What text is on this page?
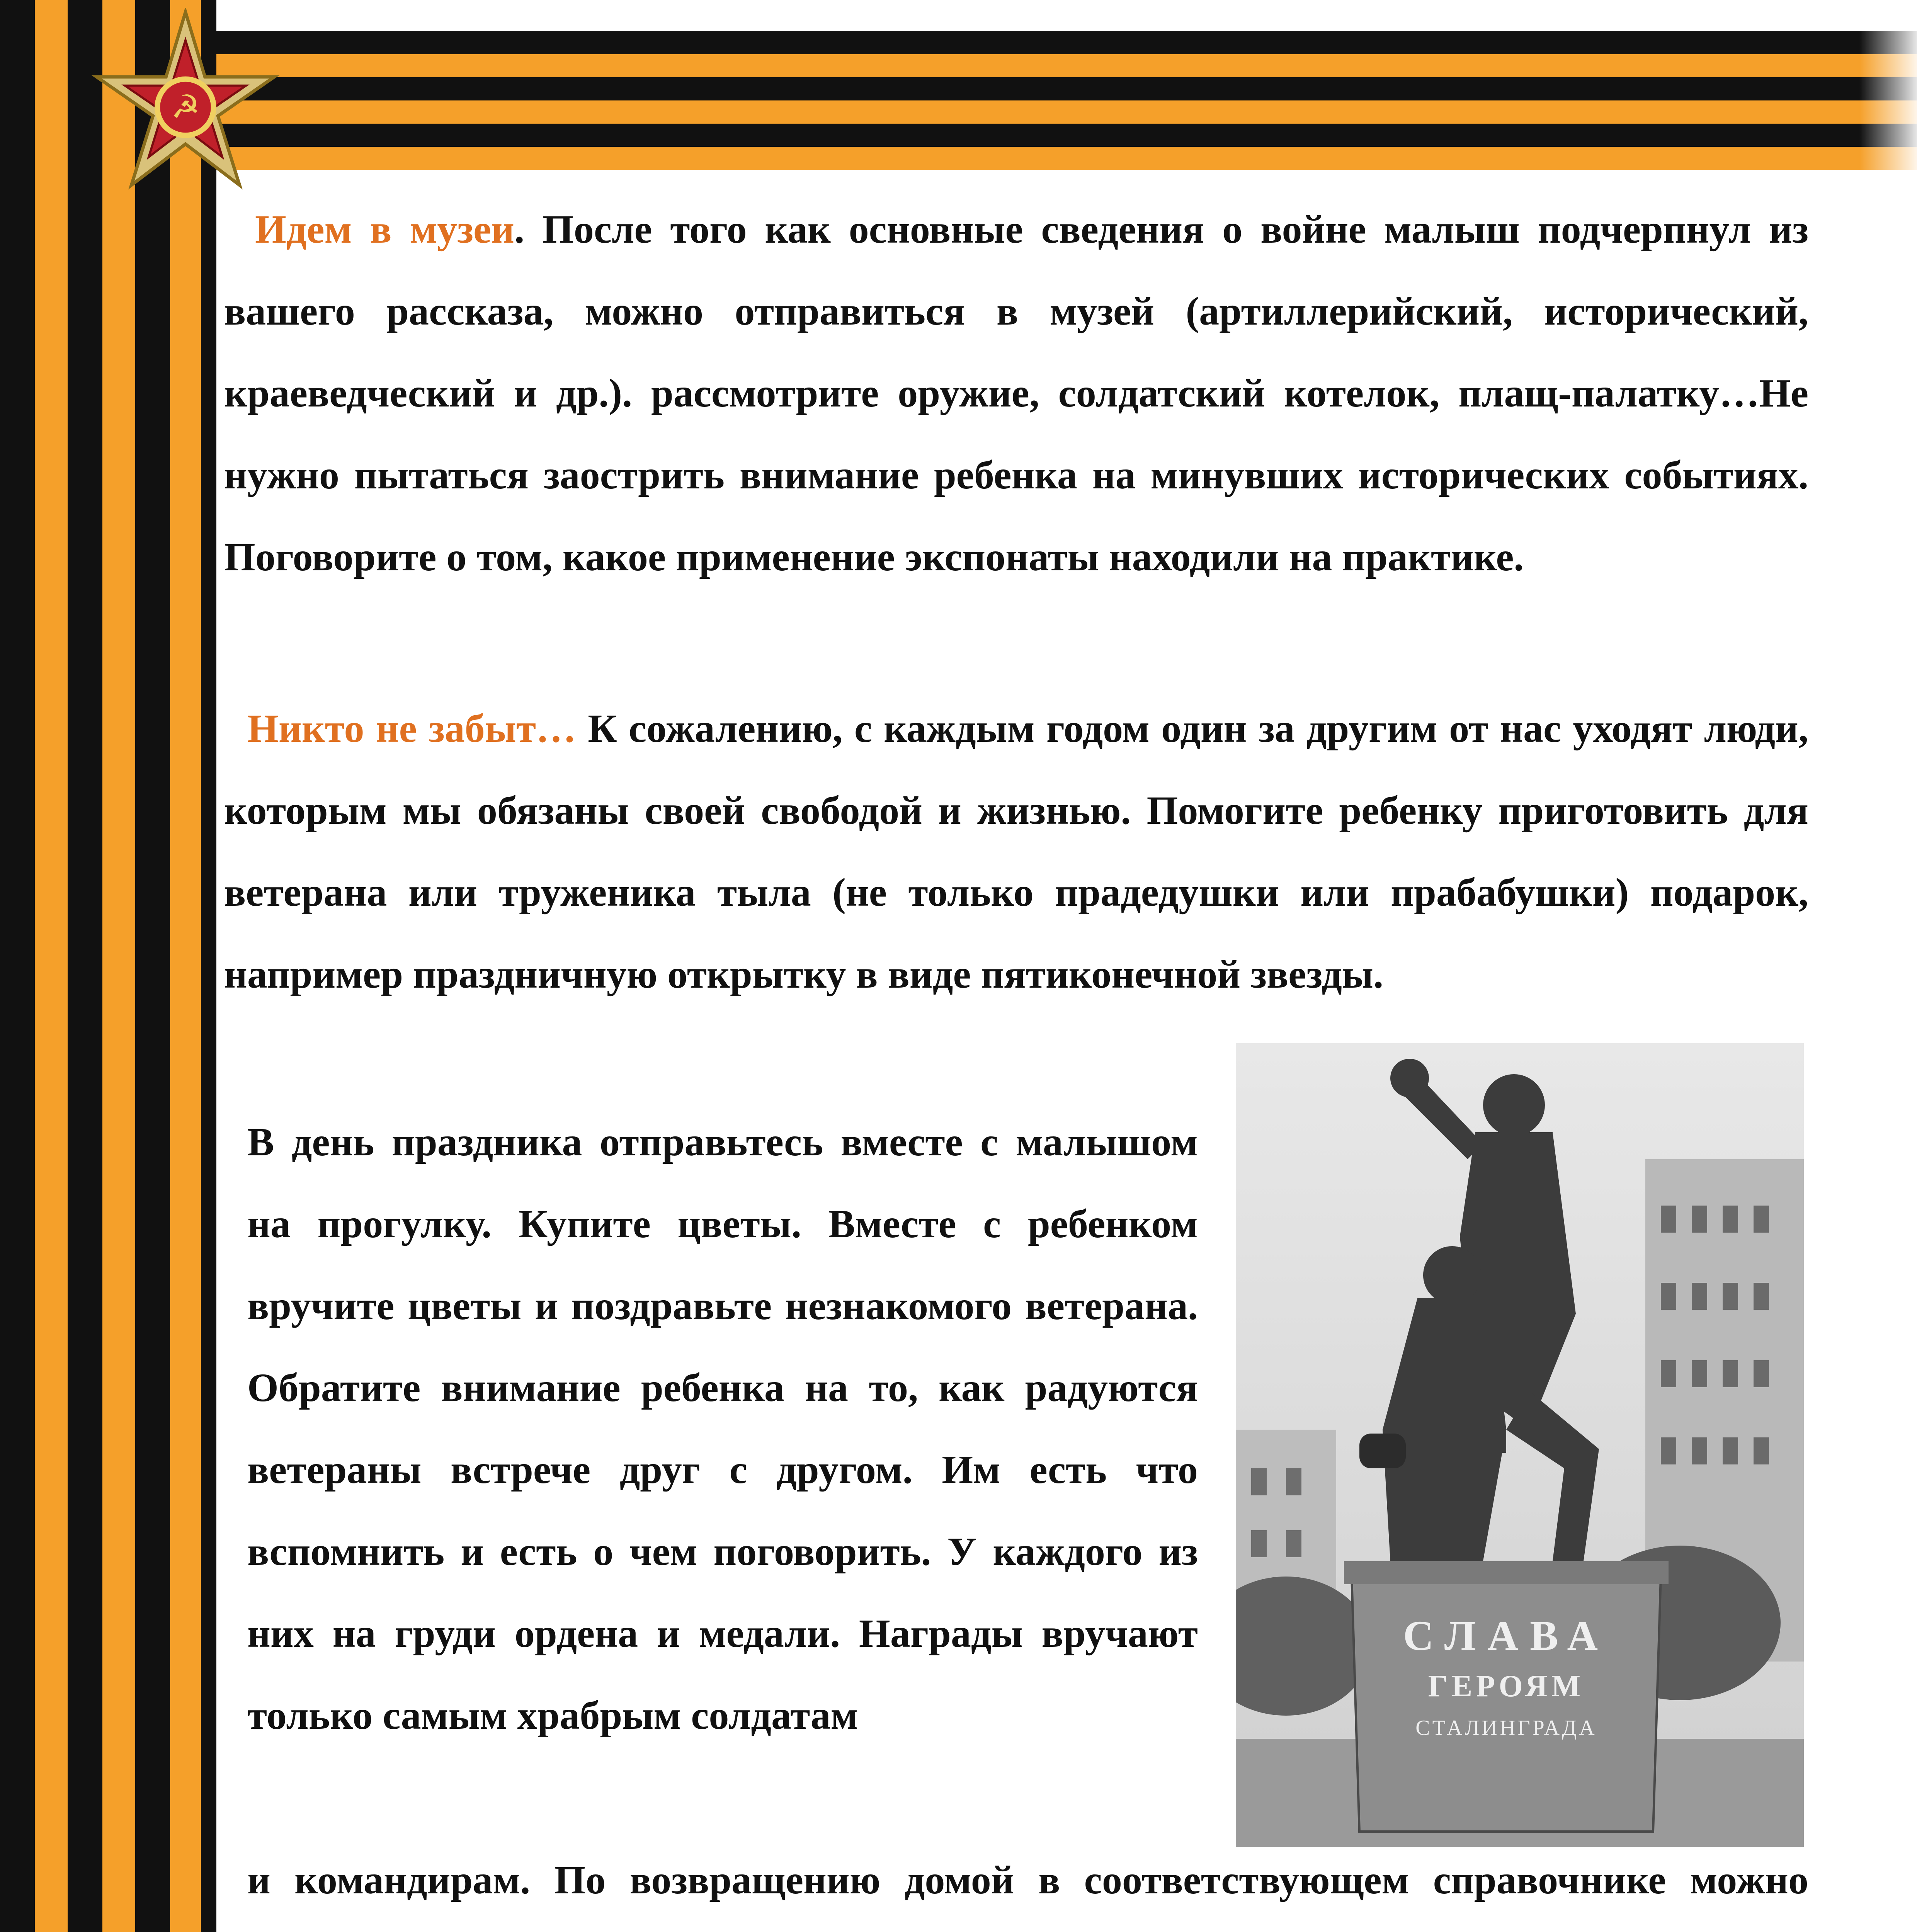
☭

Идем в музеи. После того как основные сведения о войне малыш подчерпнул из вашего рассказа, можно отправиться в музей (артиллерийский, исторический, краеведческий и др.). рассмотрите оружие, солдатский котелок, плащ-палатку…Не нужно пытаться заострить внимание ребенка на минувших исторических событиях. Поговорите о том, какое применение экспонаты находили на практике.

Никто не забыт… К сожалению, с каждым годом один за другим от нас уходят люди, которым мы обязаны своей свободой и жизнью. Помогите ребенку приготовить для ветерана или труженика тыла (не только прадедушки или прабабушки) подарок, например праздничную открытку в виде пятиконечной звезды.

В день праздника отправьтесь вместе с малышом на прогулку. Купите цветы. Вместе с ребенком вручите цветы и поздравьте незнакомого ветерана. Обратите внимание ребенка на то, как радуются ветераны встрече друг с другом. Им есть что вспомнить и есть о чем поговорить. У каждого из них на груди ордена и медали. Награды вручают только самым храбрым солдатам

и командирам. По возвращению домой в соответствующем справочнике можно

СЛАВА
ГЕРОЯМ
СТАЛИНГРАДА
